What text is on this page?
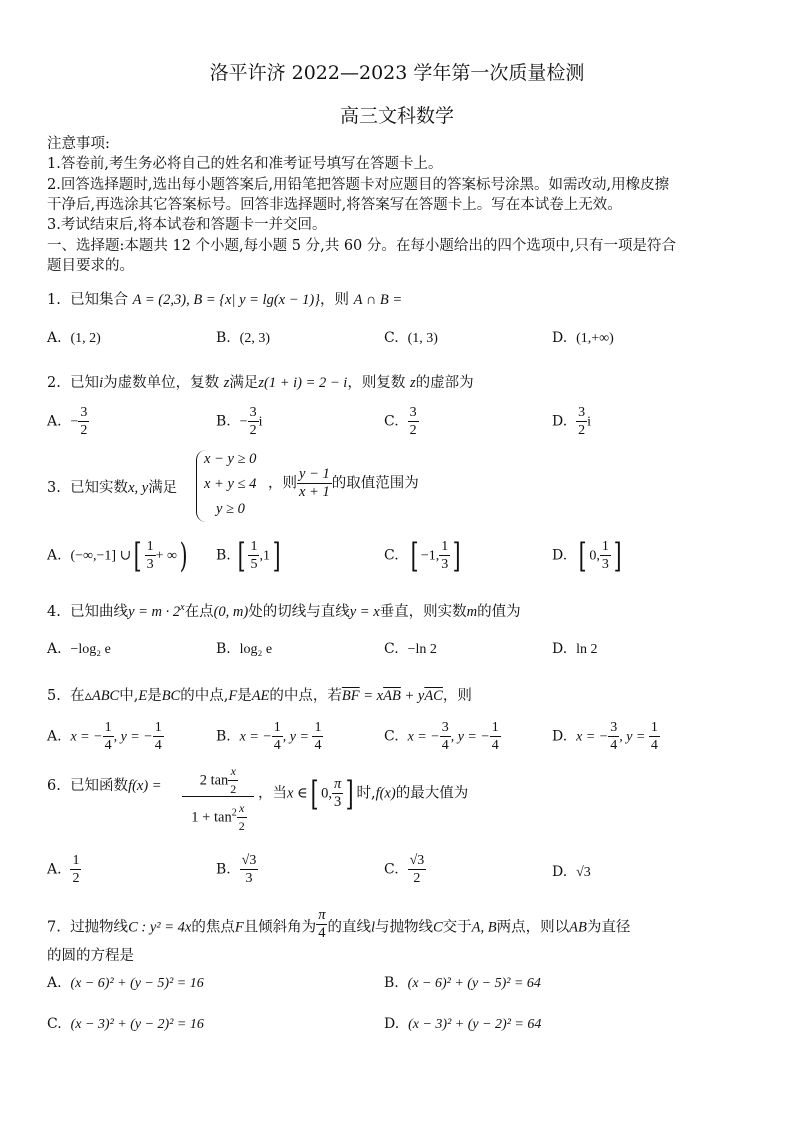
洛平许济 2022—2023 学年第一次质量检测
高三文科数学
注意事项:
1.答卷前,考生务必将自己的姓名和准考证号填写在答题卡上。
2.回答选择题时,选出每小题答案后,用铅笔把答题卡对应题目的答案标号涂黑。如需改动,用橡皮擦
干净后,再选涂其它答案标号。回答非选择题时,将答案写在答题卡上。写在本试卷上无效。
3.考试结束后,将本试卷和答题卡一并交回。
一、选择题:本题共 12 个小题,每小题 5 分,共 60 分。在每小题给出的四个选项中,只有一项是符合
题目要求的。
1. 已知集合 A = (2,3), B = {x| y = lg(x − 1)}，则 A ∩ B =
A. (1, 2)	B. (2, 3)	C. (1, 3)	D. (1,+∞)
2. 已知i为虚数单位，复数 z满足z(1 + i) = 2 − i，则复数 z的虚部为
A. − $\frac{3}{2}$	B. − $\frac{3}{2}$ i	C. $\frac{3}{2}$	D. $\frac{3}{2}$ i
3. 已知实数x, y满足
x − y ≥ 0
x + y ≤ 4
y ≥ 0
，则 $\frac{y - 1}{x + 1}$ 的取值范围为
A. (−∞,−1] ∪[ $\frac{1}{3}$ + ∞) B. [ $\frac{1}{5} ,1$]	C. [ −1, $\frac{1}{3}$ ]	D. [ 0, $\frac{1}{3}$ ]
4. 已知曲线$y = m \cdot 2^x$在点(0, m)处的切线与直线y = x垂直，则实数m的值为
A. −log₂ e	B. log₂ e	C. −ln 2	D. ln 2
5. 在▵ABC中,E是BC的中点,F是AE的中点，若$\overline{BF} = x\overline{AB} + y\overline{AC}$，则
A. x = − $\frac{1}{4}$ , y = − $\frac{1}{4}$	B. x = − $\frac{1}{4}$ , $y = \frac{1}{4}$	C. x = − $\frac{3}{4}$ , y = − $\frac{1}{4}$	D. x = − $\frac{3}{4}$ , $y = \frac{1}{4}$
6. 已知函数f(x) =	2 $\tan \frac{x}{2}$
$1 + \tan^2 \frac{x}{2}$
，当x ∈[ 0, $\frac{\pi}{3}$ ] 时,f(x)的最大值为
A. $\frac{1}{2}$	B. $\frac{√3}{3}$	C. $\frac{√3}{2}$	D. √3
7. 过抛物线C : y² = 4x的焦点F且倾斜角为 $\frac{\pi}{4}$ 的直线l与抛物线C交于A, B两点，则以AB为直径
的圆的方程是
A. (x − 6)² + (y − 5)² = 16	B. (x − 6)² + (y − 5)² = 64
C. (x − 3)² + (y − 2)² = 16	D. (x − 3)² + (y − 2)² = 64
